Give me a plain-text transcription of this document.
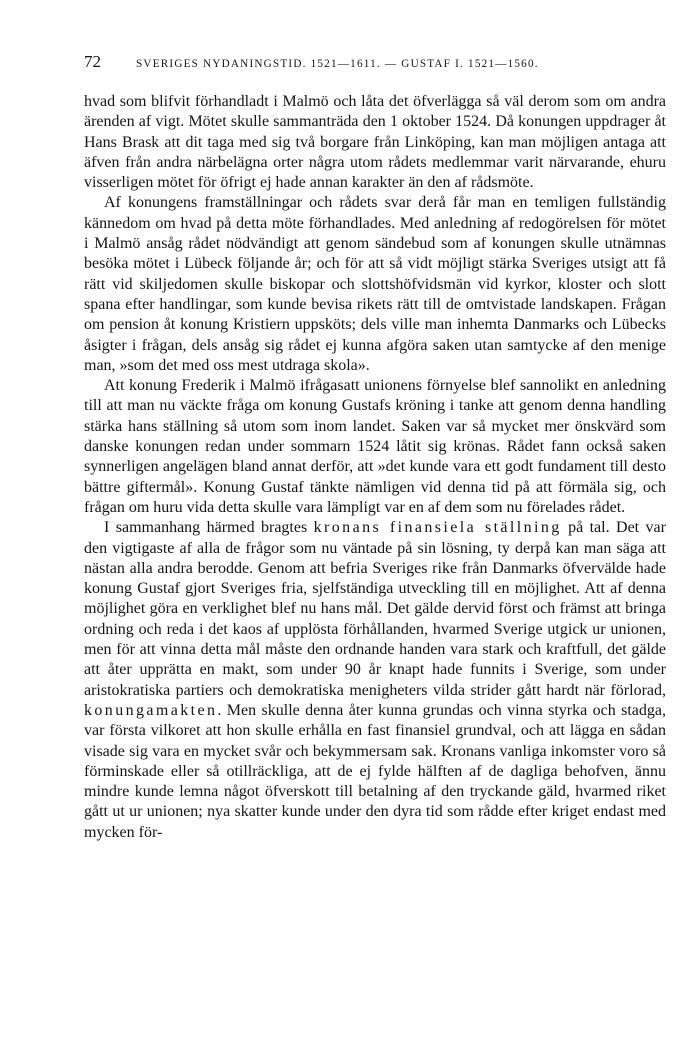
72	SVERIGES NYDANINGSTID. 1521—1611. — GUSTAF I. 1521—1560.

hvad som blifvit förhandladt i Malmö och låta det öfverlägga så väl derom som om andra ärenden af vigt. Mötet skulle sammanträda den 1 oktober 1524. Då konungen uppdrager åt Hans Brask att dit taga med sig två borgare från Linköping, kan man möjligen antaga att äfven från andra närbelägna orter några utom rådets medlemmar varit närvarande, ehuru visserligen mötet för öfrigt ej hade annan karakter än den af rådsmöte.

Af konungens framställningar och rådets svar derå får man en temligen fullständig kännedom om hvad på detta möte förhandlades. Med anledning af redogörelsen för mötet i Malmö ansåg rådet nödvändigt att genom sändebud som af konungen skulle utnämnas besöka mötet i Lübeck följande år; och för att så vidt möjligt stärka Sveriges utsigt att få rätt vid skiljedomen skulle biskopar och slottshöfvidsmän vid kyrkor, kloster och slott spana efter handlingar, som kunde bevisa rikets rätt till de omtvistade landskapen. Frågan om pension åt konung Kristiern uppsköts; dels ville man inhemta Danmarks och Lübecks åsigter i frågan, dels ansåg sig rådet ej kunna afgöra saken utan samtycke af den menige man, »som det med oss mest utdraga skola».

Att konung Frederik i Malmö ifrågasatt unionens förnyelse blef sannolikt en anledning till att man nu väckte fråga om konung Gustafs kröning i tanke att genom denna handling stärka hans ställning så utom som inom landet. Saken var så mycket mer önskvärd som danske konungen redan under sommarn 1524 låtit sig krönas. Rådet fann också saken synnerligen angelägen bland annat derför, att »det kunde vara ett godt fundament till desto bättre giftermål». Konung Gustaf tänkte nämligen vid denna tid på att förmäla sig, och frågan om huru vida detta skulle vara lämpligt var en af dem som nu förelades rådet.

I sammanhang härmed bragtes kronans finansiela ställning på tal. Det var den vigtigaste af alla de frågor som nu väntade på sin lösning, ty derpå kan man säga att nästan alla andra berodde. Genom att befria Sveriges rike från Danmarks öfvervälde hade konung Gustaf gjort Sveriges fria, sjelfständiga utveckling till en möjlighet. Att af denna möjlighet göra en verklighet blef nu hans mål. Det gälde dervid först och främst att bringa ordning och reda i det kaos af upplösta förhållanden, hvarmed Sverige utgick ur unionen, men för att vinna detta mål måste den ordnande handen vara stark och kraftfull, det gälde att åter upprätta en makt, som under 90 år knapt hade funnits i Sverige, som under aristokratiska partiers och demokratiska menigheters vilda strider gått hardt när förlorad, konungamakten. Men skulle denna åter kunna grundas och vinna styrka och stadga, var första vilkoret att hon skulle erhålla en fast finansiel grundval, och att lägga en sådan visade sig vara en mycket svår och bekymmersam sak. Kronans vanliga inkomster voro så förminskade eller så otillräckliga, att de ej fylde hälften af de dagliga behofven, ännu mindre kunde lemna något öfverskott till betalning af den tryckande gäld, hvarmed riket gått ut ur unionen; nya skatter kunde under den dyra tid som rådde efter kriget endast med mycken för-
